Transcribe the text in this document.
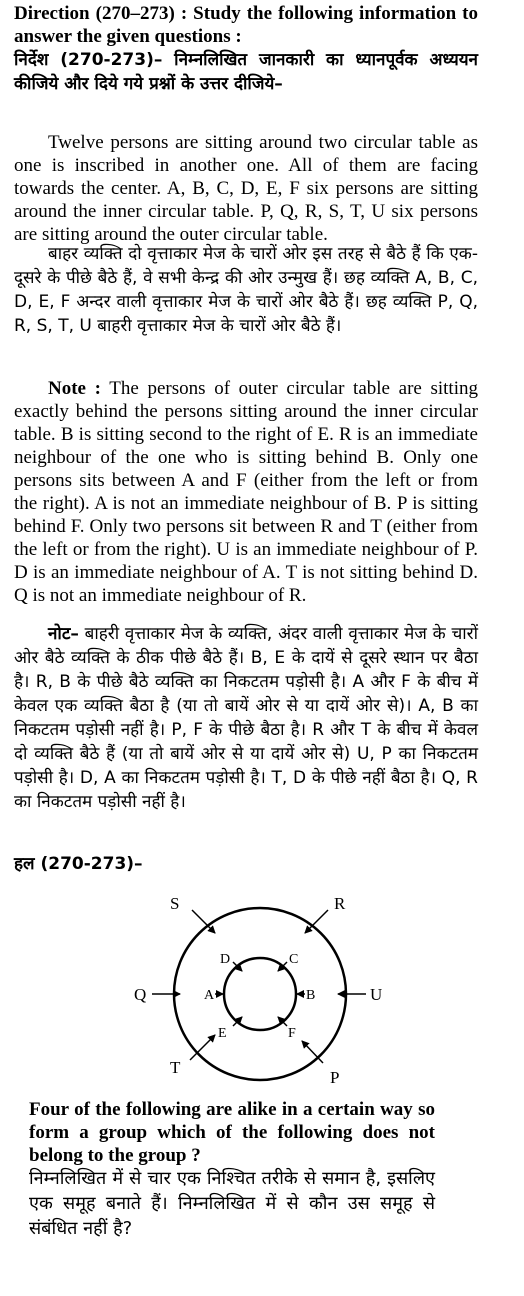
Direction (270–273) : Study the following information to answer the given questions :

निर्देश (270-273)– निम्नलिखित जानकारी का ध्यानपूर्वक अध्ययन कीजिये और दिये गये प्रश्नों के उत्तर दीजिये–

Twelve persons are sitting around two circular table as one is inscribed in another one. All of them are facing towards the center. A, B, C, D, E, F six persons are sitting around the inner circular table. P, Q, R, S, T, U six persons are sitting around the outer circular table.

बाहर व्यक्ति दो वृत्ताकार मेज के चारों ओर इस तरह से बैठे हैं कि एक-दूसरे के पीछे बैठे हैं, वे सभी केन्द्र की ओर उन्मुख हैं। छह व्यक्ति A, B, C, D, E, F अन्दर वाली वृत्ताकार मेज के चारों ओर बैठे हैं। छह व्यक्ति P, Q, R, S, T, U बाहरी वृत्ताकार मेज के चारों ओर बैठे हैं।

Note : The persons of outer circular table are sitting exactly behind the persons sitting around the inner circular table. B is sitting second to the right of E. R is an immediate neighbour of the one who is sitting behind B. Only one persons sits between A and F (either from the left or from the right). A is not an immediate neighbour of B. P is sitting behind F. Only two persons sit between R and T (either from the left or from the right). U is an immediate neighbour of P. D is an immediate neighbour of A. T is not sitting behind D. Q is not an immediate neighbour of R.

नोट– बाहरी वृत्ताकार मेज के व्यक्ति, अंदर वाली वृत्ताकार मेज के चारों ओर बैठे व्यक्ति के ठीक पीछे बैठे हैं। B, E के दायें से दूसरे स्थान पर बैठा है। R, B के पीछे बैठे व्यक्ति का निकटतम पड़ोसी है। A और F के बीच में केवल एक व्यक्ति बैठा है (या तो बायें ओर से या दायें ओर से)। A, B का निकटतम पड़ोसी नहीं है। P, F के पीछे बैठा है। R और T के बीच में केवल दो व्यक्ति बैठे हैं (या तो बायें ओर से या दायें ओर से) U, P का निकटतम पड़ोसी है। D, A का निकटतम पड़ोसी है। T, D के पीछे नहीं बैठा है। Q, R का निकटतम पड़ोसी नहीं है।

हल (270-273)–

S	R
Q	U
T
P
D	C
A	B
E	F

Four of the following are alike in a certain way so form a group which of the following does not belong to the group ?

निम्नलिखित में से चार एक निश्चित तरीके से समान है, इसलिए एक समूह बनाते हैं। निम्नलिखित में से कौन उस समूह से संबंधित नहीं है?
